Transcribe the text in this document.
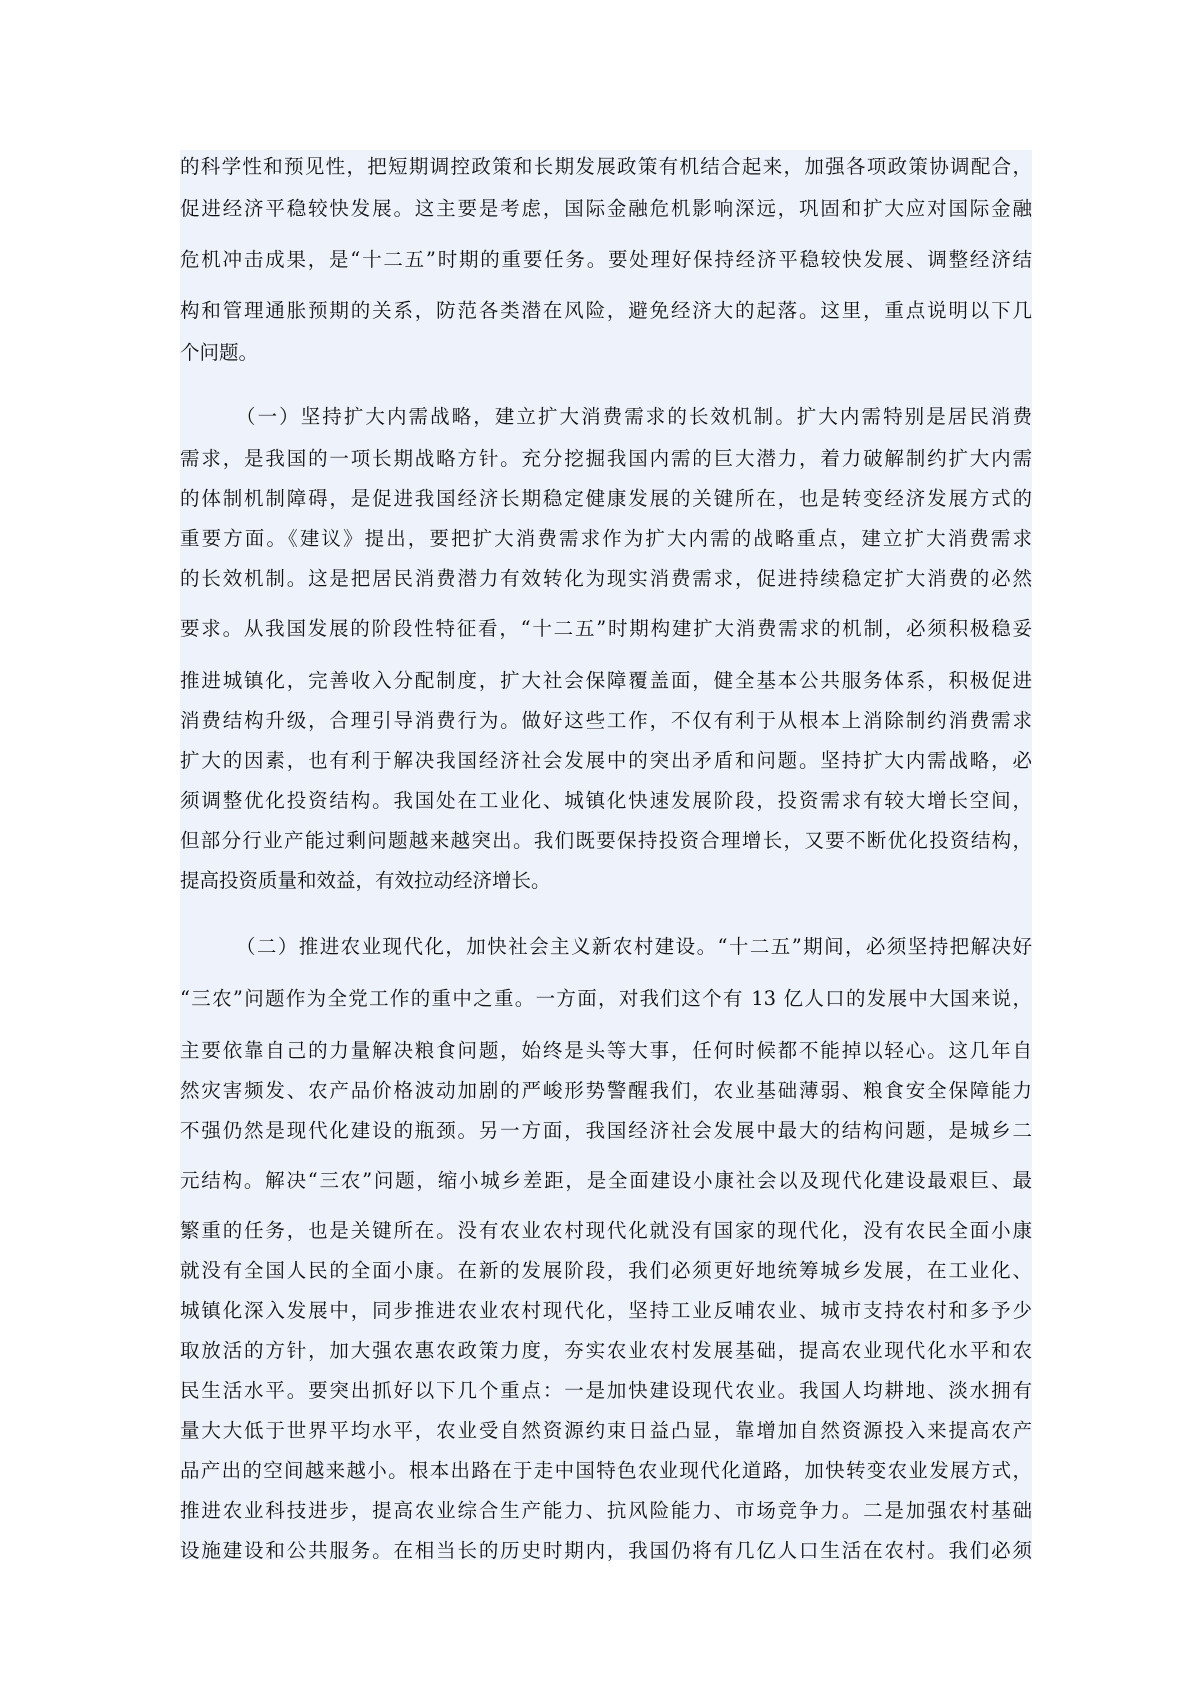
的科学性和预见性，把短期调控政策和长期发展政策有机结合起来，加强各项政策协调配合，
促进经济平稳较快发展。这主要是考虑，国际金融危机影响深远，巩固和扩大应对国际金融
危机冲击成果，是“十二五”时期的重要任务。要处理好保持经济平稳较快发展、调整经济结
构和管理通胀预期的关系，防范各类潜在风险，避免经济大的起落。这里，重点说明以下几
个问题。
（一）坚持扩大内需战略，建立扩大消费需求的长效机制。扩大内需特别是居民消费
需求，是我国的一项长期战略方针。充分挖掘我国内需的巨大潜力，着力破解制约扩大内需
的体制机制障碍，是促进我国经济长期稳定健康发展的关键所在，也是转变经济发展方式的
重要方面。《建议》提出，要把扩大消费需求作为扩大内需的战略重点，建立扩大消费需求
的长效机制。这是把居民消费潜力有效转化为现实消费需求，促进持续稳定扩大消费的必然
要求。从我国发展的阶段性特征看，“十二五”时期构建扩大消费需求的机制，必须积极稳妥
推进城镇化，完善收入分配制度，扩大社会保障覆盖面，健全基本公共服务体系，积极促进
消费结构升级，合理引导消费行为。做好这些工作，不仅有利于从根本上消除制约消费需求
扩大的因素，也有利于解决我国经济社会发展中的突出矛盾和问题。坚持扩大内需战略，必
须调整优化投资结构。我国处在工业化、城镇化快速发展阶段，投资需求有较大增长空间，
但部分行业产能过剩问题越来越突出。我们既要保持投资合理增长，又要不断优化投资结构，
提高投资质量和效益，有效拉动经济增长。
（二）推进农业现代化，加快社会主义新农村建设。“十二五”期间，必须坚持把解决好
“三农”问题作为全党工作的重中之重。一方面，对我们这个有 13 亿人口的发展中大国来说，
主要依靠自己的力量解决粮食问题，始终是头等大事，任何时候都不能掉以轻心。这几年自
然灾害频发、农产品价格波动加剧的严峻形势警醒我们，农业基础薄弱、粮食安全保障能力
不强仍然是现代化建设的瓶颈。另一方面，我国经济社会发展中最大的结构问题，是城乡二
元结构。解决“三农”问题，缩小城乡差距，是全面建设小康社会以及现代化建设最艰巨、最
繁重的任务，也是关键所在。没有农业农村现代化就没有国家的现代化，没有农民全面小康
就没有全国人民的全面小康。在新的发展阶段，我们必须更好地统筹城乡发展，在工业化、
城镇化深入发展中，同步推进农业农村现代化，坚持工业反哺农业、城市支持农村和多予少
取放活的方针，加大强农惠农政策力度，夯实农业农村发展基础，提高农业现代化水平和农
民生活水平。要突出抓好以下几个重点：一是加快建设现代农业。我国人均耕地、淡水拥有
量大大低于世界平均水平，农业受自然资源约束日益凸显，靠增加自然资源投入来提高农产
品产出的空间越来越小。根本出路在于走中国特色农业现代化道路，加快转变农业发展方式，
推进农业科技进步，提高农业综合生产能力、抗风险能力、市场竞争力。二是加强农村基础
设施建设和公共服务。在相当长的历史时期内，我国仍将有几亿人口生活在农村。我们必须
